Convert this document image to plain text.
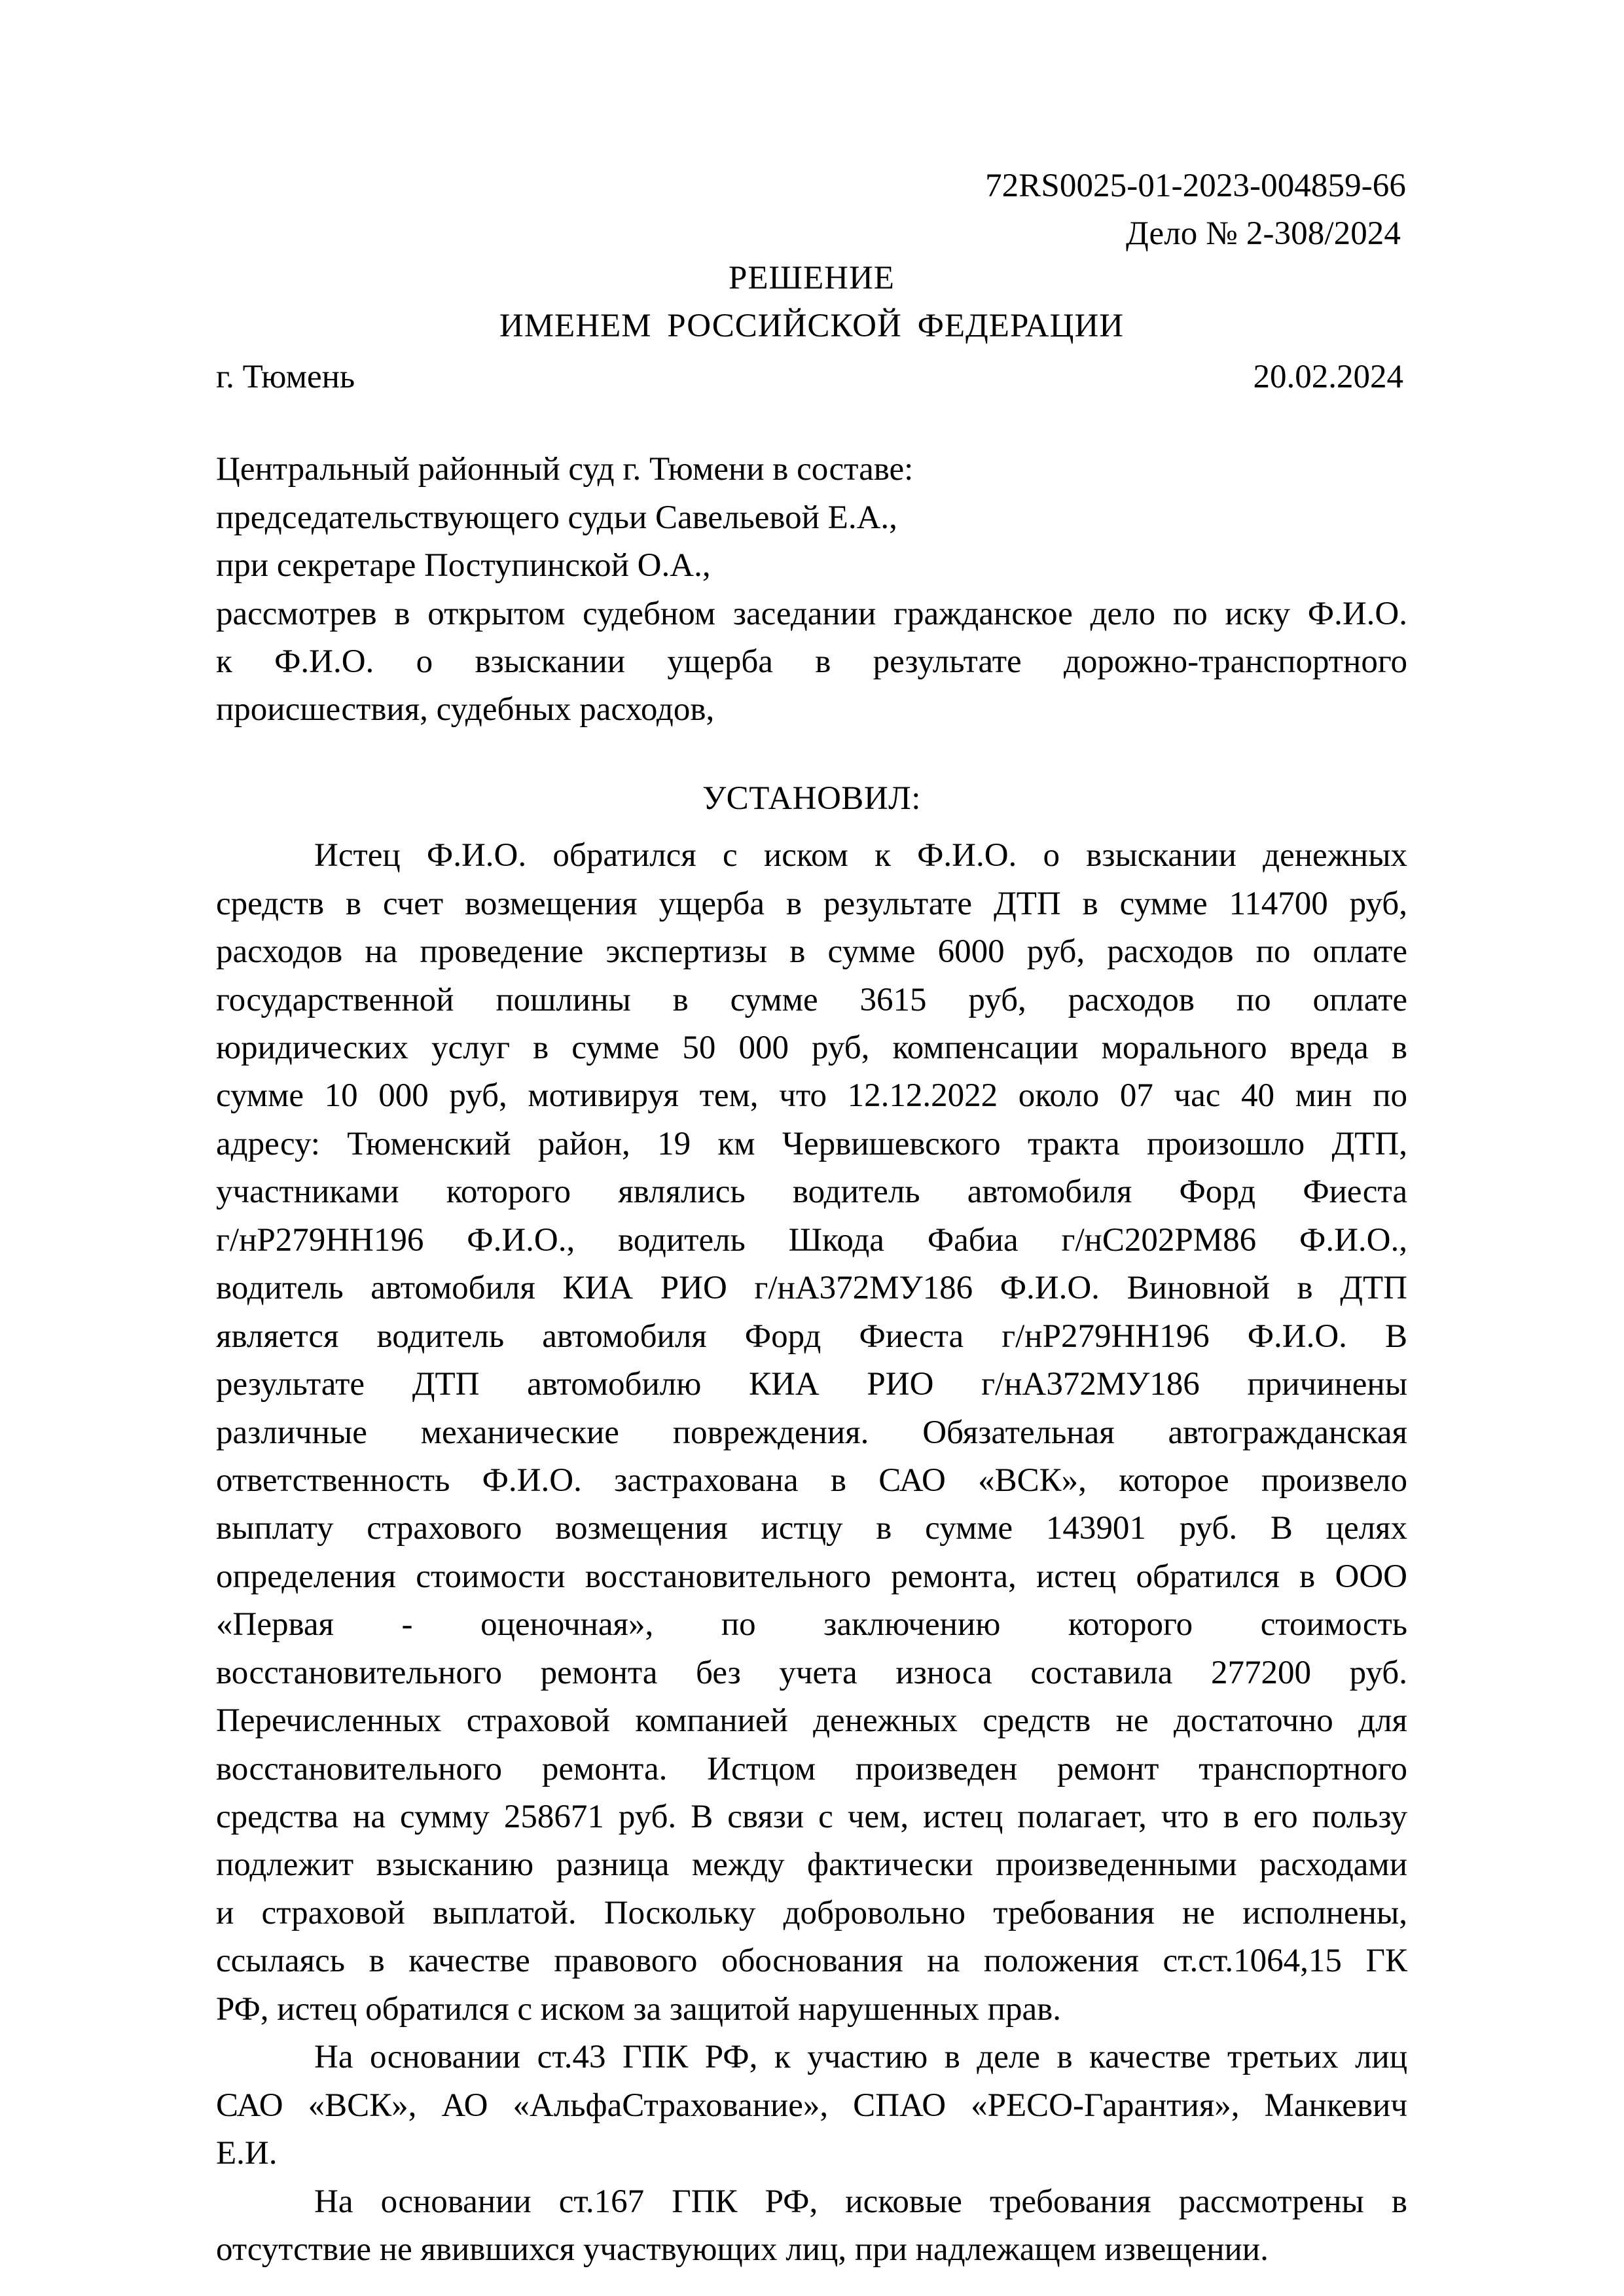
72RS0025-01-2023-004859-66
Дело № 2-308/2024
РЕШЕНИЕ
ИМЕНЕМ РОССИЙСКОЙ ФЕДЕРАЦИИ
г. Тюмень	20.02.2024
Центральный районный суд г. Тюмени в составе:
председательствующего судьи Савельевой Е.А.,
при секретаре Поступинской О.А.,
рассмотрев в открытом судебном заседании гражданское дело по иску Ф.И.О.
к Ф.И.О. о взыскании ущерба в результате дорожно-транспортного
происшествия, судебных расходов,
УСТАНОВИЛ:
Истец Ф.И.О. обратился с иском к Ф.И.О. о взыскании денежных
средств в счет возмещения ущерба в результате ДТП в сумме 114700 руб,
расходов на проведение экспертизы в сумме 6000 руб, расходов по оплате
государственной пошлины в сумме 3615 руб, расходов по оплате
юридических услуг в сумме 50 000 руб, компенсации морального вреда в
сумме 10 000 руб, мотивируя тем, что 12.12.2022 около 07 час 40 мин по
адресу: Тюменский район, 19 км Червишевского тракта произошло ДТП,
участниками которого являлись водитель автомобиля Форд Фиеста
г/нР279НН196 Ф.И.О., водитель Шкода Фабиа г/нС202РМ86 Ф.И.О.,
водитель автомобиля КИА РИО г/нА372МУ186 Ф.И.О. Виновной в ДТП
является водитель автомобиля Форд Фиеста г/нР279НН196 Ф.И.О. В
результате ДТП автомобилю КИА РИО г/нА372МУ186 причинены
различные механические повреждения. Обязательная автогражданская
ответственность Ф.И.О. застрахована в САО «ВСК», которое произвело
выплату страхового возмещения истцу в сумме 143901 руб. В целях
определения стоимости восстановительного ремонта, истец обратился в ООО
«Первая - оценочная», по заключению которого стоимость
восстановительного ремонта без учета износа составила 277200 руб.
Перечисленных страховой компанией денежных средств не достаточно для
восстановительного ремонта. Истцом произведен ремонт транспортного
средства на сумму 258671 руб. В связи с чем, истец полагает, что в его пользу
подлежит взысканию разница между фактически произведенными расходами
и страховой выплатой. Поскольку добровольно требования не исполнены,
ссылаясь в качестве правового обоснования на положения ст.ст.1064,15 ГК
РФ, истец обратился с иском за защитой нарушенных прав.
На основании ст.43 ГПК РФ, к участию в деле в качестве третьих лиц
САО «ВСК», АО «АльфаСтрахование», СПАО «РЕСО-Гарантия», Манкевич
Е.И.
На основании ст.167 ГПК РФ, исковые требования рассмотрены в
отсутствие не явившихся участвующих лиц, при надлежащем извещении.
